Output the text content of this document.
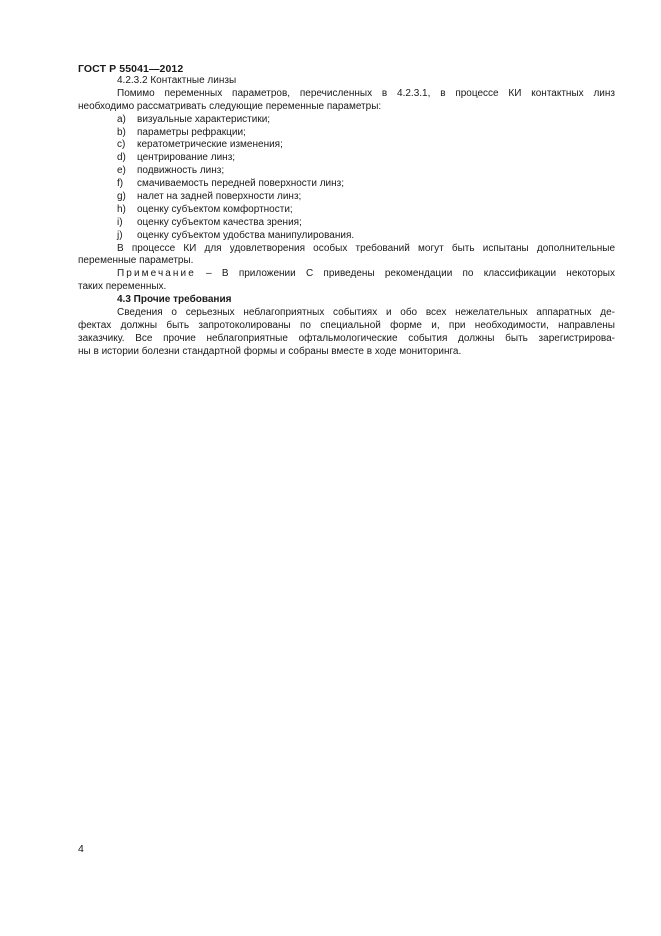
ГОСТ Р 55041—2012
4.2.3.2 Контактные линзы
Помимо переменных параметров, перечисленных в 4.2.3.1, в процессе КИ контактных линз
необходимо рассматривать следующие переменные параметры:
a) визуальные характеристики;
b) параметры рефракции;
c) кератометрические изменения;
d) центрирование линз;
e) подвижность линз;
f) смачиваемость передней поверхности линз;
g) налет на задней поверхности линз;
h) оценку субъектом комфортности;
i) оценку субъектом качества зрения;
j) оценку субъектом удобства манипулирования.
В процессе КИ для удовлетворения особых требований могут быть испытаны дополнительные
переменные параметры.
Примечание – В приложении С приведены рекомендации по классификации некоторых
таких переменных.
4.3 Прочие требования
Сведения о серьезных неблагоприятных событиях и обо всех нежелательных аппаратных де-
фектах должны быть запротоколированы по специальной форме и, при необходимости, направлены
заказчику. Все прочие неблагоприятные офтальмологические события должны быть зарегистрирова-
ны в истории болезни стандартной формы и собраны вместе в ходе мониторинга.
4
